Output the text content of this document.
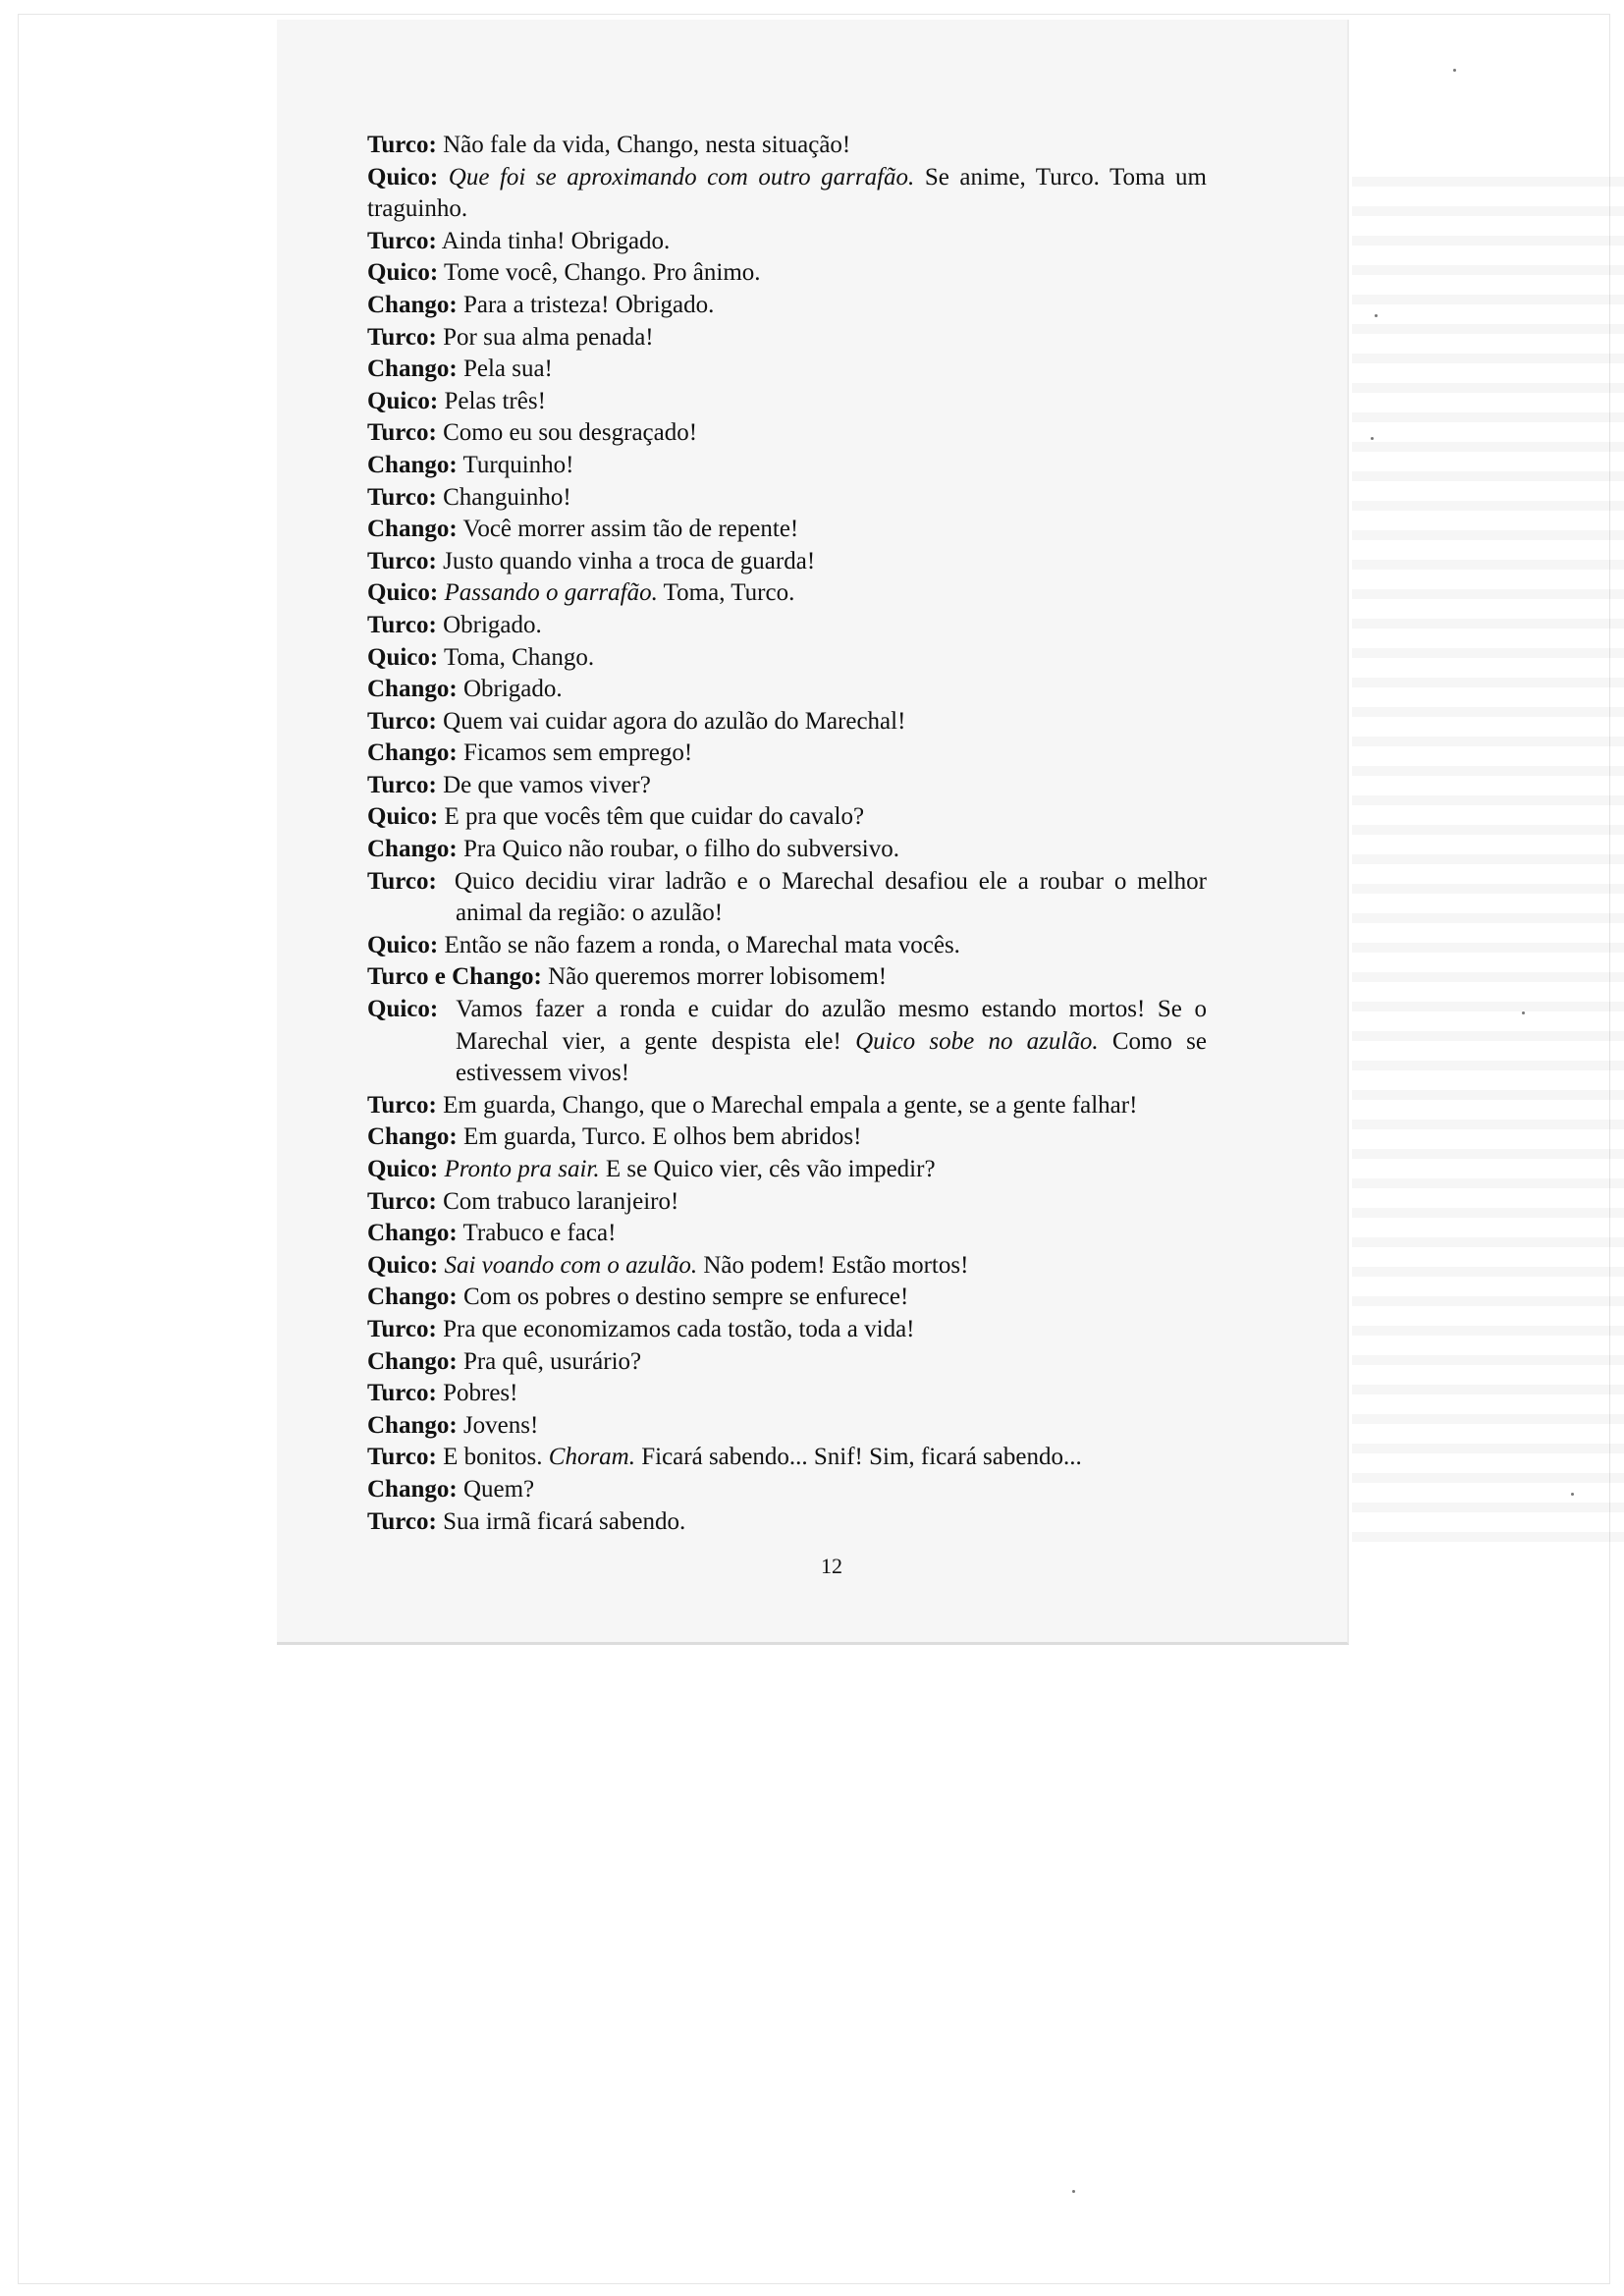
Turco: Não fale da vida, Chango, nesta situação!

Quico: Que foi se aproximando com outro garrafão. Se anime, Turco. Toma um traguinho.

Turco: Ainda tinha! Obrigado.

Quico: Tome você, Chango. Pro ânimo.

Chango: Para a tristeza! Obrigado.

Turco: Por sua alma penada!

Chango: Pela sua!

Quico: Pelas três!

Turco: Como eu sou desgraçado!

Chango: Turquinho!

Turco: Changuinho!

Chango: Você morrer assim tão de repente!

Turco: Justo quando vinha a troca de guarda!

Quico: Passando o garrafão. Toma, Turco.

Turco: Obrigado.

Quico: Toma, Chango.

Chango: Obrigado.

Turco: Quem vai cuidar agora do azulão do Marechal!

Chango: Ficamos sem emprego!

Turco: De que vamos viver?

Quico: E pra que vocês têm que cuidar do cavalo?

Chango: Pra Quico não roubar, o filho do subversivo.

Turco: Quico decidiu virar ladrão e o Marechal desafiou ele a roubar o melhor animal da região: o azulão!

Quico: Então se não fazem a ronda, o Marechal mata vocês.

Turco e Chango: Não queremos morrer lobisomem!

Quico: Vamos fazer a ronda e cuidar do azulão mesmo estando mortos! Se o Marechal vier, a gente despista ele! Quico sobe no azulão. Como se estivessem vivos!

Turco: Em guarda, Chango, que o Marechal empala a gente, se a gente falhar!

Chango: Em guarda, Turco. E olhos bem abridos!

Quico: Pronto pra sair. E se Quico vier, cês vão impedir?

Turco: Com trabuco laranjeiro!

Chango: Trabuco e faca!

Quico: Sai voando com o azulão. Não podem! Estão mortos!

Chango: Com os pobres o destino sempre se enfurece!

Turco: Pra que economizamos cada tostão, toda a vida!

Chango: Pra quê, usurário?

Turco: Pobres!

Chango: Jovens!

Turco: E bonitos. Choram. Ficará sabendo... Snif! Sim, ficará sabendo...

Chango: Quem?

Turco: Sua irmã ficará sabendo.

12
